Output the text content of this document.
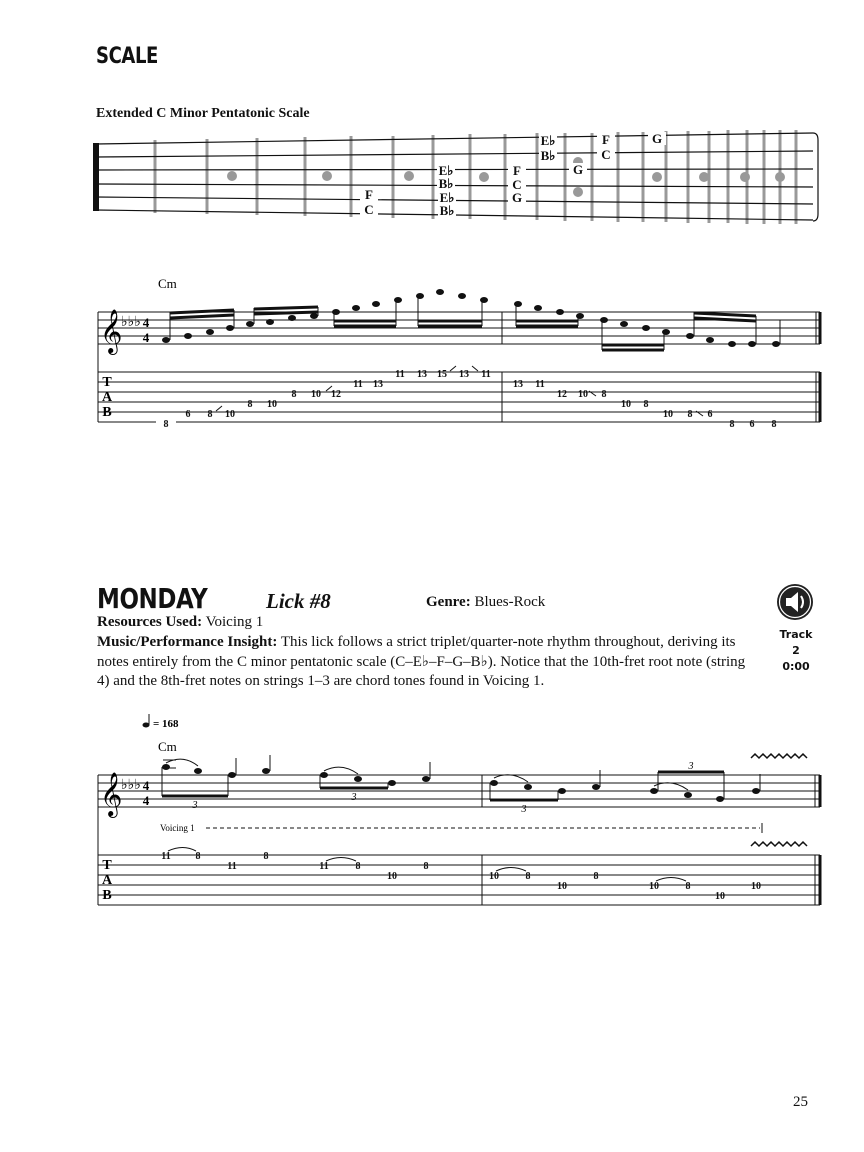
SCALE
Extended C Minor Pentatonic Scale
E♭
B♭
F
C
G
G
E♭
B♭
F
C
G
E♭
B♭
F
C
Cm
𝄞
♭♭♭ 4
4
T
A
B
8
6 8 10
8 10
8 10 12
11 13
11 13 15 13 11
13 11
12 10 8
10 8
10 8 6
8 6 8
MONDAY	Lick #8	Genre: Blues-Rock
Resources Used: Voicing 1
Music/Performance Insight: This lick follows a strict triplet/quarter-note rhythm throughout, deriving its notes entirely from the C minor pentatonic scale (C–E♭–F–G–B♭). Notice that the 10th-fret root note (string 4) and the 8th-fret notes on strings 1–3 are chord tones found in Voicing 1.
Track 2
0:00
= 168
Cm
𝄞
♭♭♭ 4
4	3
3
3
3
Voicing 1
T
A
B
11 8
11
8
11	8
10
8
10	8
10
8
10	8
10
10
25
